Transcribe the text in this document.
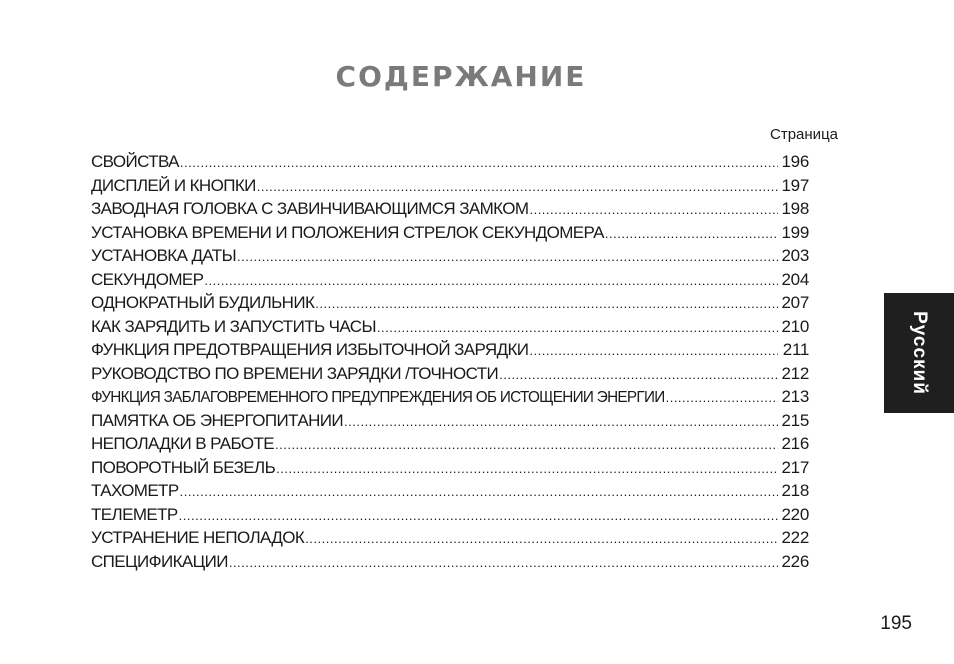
СОДЕРЖАНИЕ
Страница
СВОЙСТВА .....	196
ДИСПЛЕЙ И КНОПКИ .....	197
ЗАВОДНАЯ ГОЛОВКА С ЗАВИНЧИВАЮЩИМСЯ ЗАМКОМ .....	198
УСТАНОВКА ВРЕМЕНИ И ПОЛОЖЕНИЯ СТРЕЛОК СЕКУНДОМЕРА .....	199
УСТАНОВКА ДАТЫ .....	203
СЕКУНДОМЕР .....	204
ОДНОКРАТНЫЙ БУДИЛЬНИК .....	207
КАК ЗАРЯДИТЬ И ЗАПУСТИТЬ ЧАСЫ .....	210
ФУНКЦИЯ ПРЕДОТВРАЩЕНИЯ ИЗБЫТОЧНОЙ ЗАРЯДКИ .....	211
РУКОВОДСТВО ПО ВРЕМЕНИ ЗАРЯДКИ /ТОЧНОСТИ .....	212
ФУНКЦИЯ ЗАБЛАГОВРЕМЕННОГО ПРЕДУПРЕЖДЕНИЯ ОБ ИСТОЩЕНИИ ЭНЕРГИИ .....	213
ПАМЯТКА ОБ ЭНЕРГОПИТАНИИ .....	215
НЕПОЛАДКИ В РАБОТЕ .....	216
ПОВОРОТНЫЙ БЕЗЕЛЬ .....	217
ТАХОМЕТР .....	218
ТЕЛЕМЕТР .....	220
УСТРАНЕНИЕ НЕПОЛАДОК .....	222
СПЕЦИФИКАЦИИ .....	226
Русский
195
